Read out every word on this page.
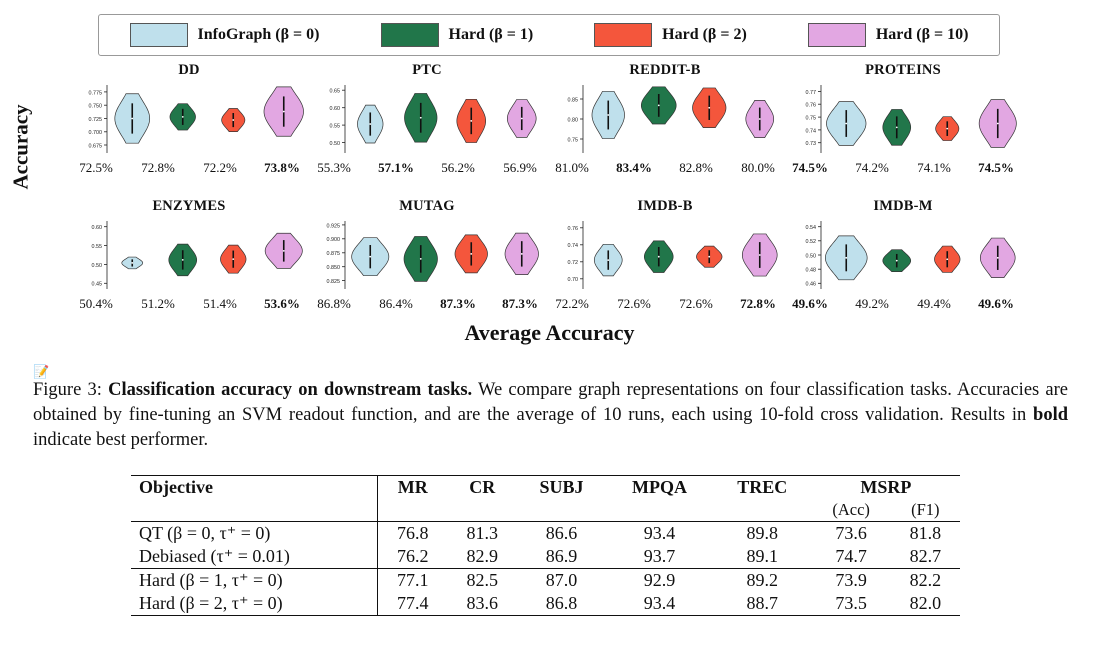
InfoGraph (β = 0)	Hard (β = 1)	Hard (β = 2)	Hard (β = 10)
Accuracy
DD
0.675
0.700
0.725
0.750
0.775
72.5%	72.8%	72.2%	73.8%
PTC
0.50
0.55
0.60
0.65
55.3%	57.1%	56.2%	56.9%
REDDIT-B
0.75
0.80
0.85
81.0%	83.4%	82.8%	80.0%
PROTEINS
0.73
0.74
0.75
0.76
0.77
74.5%	74.2%	74.1%	74.5%
ENZYMES
0.45
0.50
0.55
0.60
50.4%	51.2%	51.4%	53.6%
MUTAG
0.825
0.850
0.875
0.900
0.925
86.8%	86.4%	87.3%	87.3%
IMDB-B
0.70
0.72
0.74
0.76
72.2%	72.6%	72.6%	72.8%
IMDB-M
0.46
0.48
0.50
0.52
0.54
49.6%	49.2%	49.4%	49.6%
Average Accuracy
📝
Figure 3: Classification accuracy on downstream tasks. We compare graph representations on four classification tasks. Accuracies are obtained by fine-tuning an SVM readout function, and are the average of 10 runs, each using 10-fold cross validation. Results in bold indicate best performer.
Objective	MR	CR	SUBJ	MPQA	TREC	MSRP	
						(Acc)	(F1)
QT (β = 0, τ⁺ = 0)	76.8	81.3	86.6	93.4	89.8	73.6	81.8
Debiased (τ⁺ = 0.01)	76.2	82.9	86.9	93.7	89.1	74.7	82.7
Hard (β = 1, τ⁺ = 0)	77.1	82.5	87.0	92.9	89.2	73.9	82.2
Hard (β = 2, τ⁺ = 0)	77.4	83.6	86.8	93.4	88.7	73.5	82.0
